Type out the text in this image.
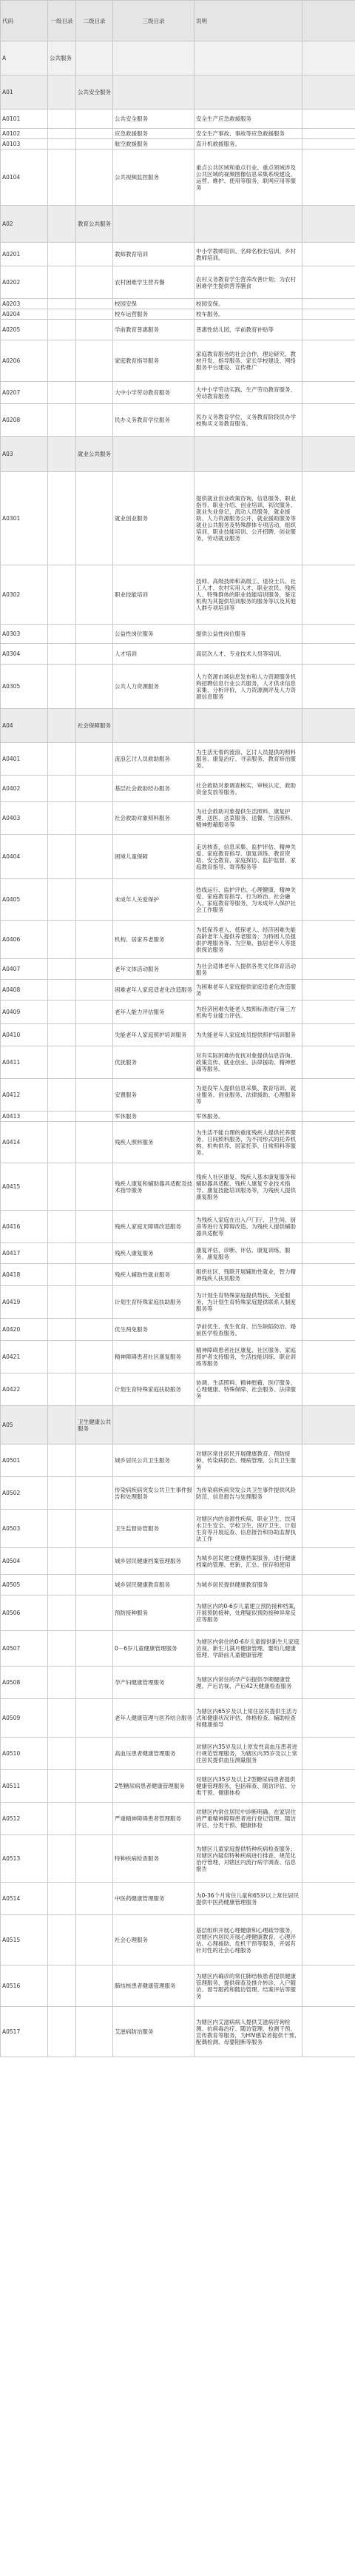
代码	一级目录	二级目录	三级目录	说明	
A	公共服务				
A01		公共安全服务			
A0101			公共安全服务	安全生产应急救援服务	
A0102			应急救援服务	安全生产事故、事故等应急救援服务	
A0103			航空救援服务	直升机救援服务。	
A0104			公共视频监控服务	重点公共区域和重点行业、重点领域涉及公共区域的视频图像信息采集系统建设、运营、维护、使用等服务，联网应用等服务	
A02		教育公共服务			
A0201			教师教育培训	中小学教师培训、名师名校长培训、乡村教师培训。	
A0202			农村困难学生营养餐	农村义务教育学生营养改善计划；为农村困难学生提供营养膳食	
A0203			校园安保	校园安保。	
A0204			校车运营服务	校车服务。	
A0205			学前教育普惠服务	普惠性幼儿园，学前教育补贴等	
A0206			家庭教育指导服务	家庭教育服务的社会合作，理论研究、教材开发、指导服务、家长学校建设、网络服务平台建设、宣传推广	
A0207			大中小学劳动教育服务	大中小学劳动实践、生产劳动教育服务、劳动教育服务	
A0208			民办义务教育学位服务	民办义务教育学位，义务教育阶段民办学校购买义务教育服务。	
A03		就业公共服务			
A0301			就业创业服务	提供就业创业政策咨询，信息服务、职业指导、职业介绍、创业培训，初次服务、就业失业登记，流动人员服务，就业援助、人力资源服务公开、就业援助服务等就业公共服务及特殊群体专项活动，组织培训、职业技能培训、公开招聘、创业服务，劳动就业服务	
A0302			职业技能培训	技师、高级技师和高级工、退役士兵、社工人才、农村实用人才、职业农民、残疾人、特殊群体的职业技能培训服务，鉴定机构为其提供培训服务的服务等以及其他人群专项培训等	
A0303			公益性岗位服务	提供公益性岗位服务	
A0304			人才培训	高层次人才、专业技术人员等培训。	
A0305			公共人力资源服务	人力资源市场信息发布和人力资源服务机构招聘信息行业公共服务，人才供求信息采集、分析评价，人力资源测评及人力资源信息服务	
A04		社会保障服务			
A0401			流浪乞讨人员救助服务	为生活无着的流浪、乞讨人员提供的照料服务、康复治疗、寻亲服务、教育矫治服务。	
A0402			基层社会救助经办服务	社会救助对象调查核实、审核认定、救助资金发放等服务。	
A0403			社会救助对象照料服务	为社会救助对象提供生活照料、康复护理、送医、送菜服务、送餐、生活照料、精神慰藉服务等	
A0404			困境儿童保障	走访核查，信息采集、监护评估、精神关爱、家庭教育指导、康复训练、教育资助、安全教育、家庭探访、监护监督、家庭教育指导、寄养服务等	
A0405			未成年人关爱保护	热线运行、监护评估、心理健康、精神关爱、家庭教育指导、行为矫治、社会融入、家庭教育等服务，为未成年人保护社会工作服务	
A0406			机构、居家养老服务	为低保养老人、低保老人、经济困难失能高龄老年人提供养老服务；为特困人员提供护理服务等、为空巢、独居老年人等提供探访服务	
A0407			老年文体活动服务	为社会适体老年人提供各类文化体育活动服务	
A0408			困难老年人家庭适老化改造服务	为困难老年人家庭提供家庭适老化改造服务	
A0409			老年人能力评估服务	为经济困难失能老人按照标准进行第三方机构专业能力评估。	
A0410			失能老年人家庭照护培训服务	为失能老年人家庭成员提供照护培训服务	
A0411			优抚服务	对有实际困难的优抚对象提供信息咨询、政策宣传、就业创业、法律援助、精神慰藉等服务。	
A0412			安置服务	为退役军人提供信息采集、教育培训、就业服务、创业服务、法律援助、心理服务等	
A0413			军休服务	军休服务。	
A0414			残疾人照料服务	为生活不能自理的重度残疾人提供托养服务、日间照料服务，为不同形式的托养机构、机构供养、居家托养、日常照料等服务。	
A0415			残疾人康复和辅助器具适配及技术指导服务	残疾人社区康复、残疾人基本康复服务和辅助器具适配、残疾人康复专业技术指导、康复技能培训服务等，为残疾人提供康复服务	
A0416			残疾人家庭无障碍改造服务	为残疾人家庭在出入户门厅、卫生间、厨房等进行无障碍改造、为残疾人提供辅助器具适配等	
A0417			残疾人康复服务	康复评估、诊断、评估、康复训练、服务、康复服务	
A0418			残疾人辅助性就业服务	组织社区、残联开展辅助性就业，智力精神残疾人扶贫服务	
A0419			计划生育特殊家庭扶助服务	为计划生育特殊家庭提供帮扶、关爱服务，为计划生育特殊家庭提供联系人制度服务等	
A0420			优生两免服务	孕前优生、优生优育、出生缺陷防治、婚前医学检查服务。	
A0421			精神障碍患者社区康复服务	精神障碍患者社区康复、社区服务、家庭照护者支持服务，生活技能训练、职业训练等服务	
A0422			计划生育特殊家庭扶助服务	协调、生活照料、精神慰藉、医疗服务、心理健康、特殊保障、社会服务、法律服务	
A05		卫生健康公共服务			
A0501			城乡居民公共卫生服务	对辖区常住居民开展健康教育、预防接种、传染病防治、慢病管理、公共卫生服务	
A0502			传染病疾病突发公共卫生事件报告和处理服务	为传染病疾病突发公共卫生事件提供风险防范、信息报告与处理服务	
A0503			卫生监督协管服务	对辖区内的食源性疾病、职业卫生、饮用水卫生安全、学校卫生、医疗卫生、计划生育等开展巡查、信息报告和协助监督执法工作	
A0504			城乡居民健康档案管理服务	为城乡居民建立健康档案服务，进行健康档案的管理、更新、汇总、保存和使用	
A0505			城乡居民健康教育服务	为城乡居民提供健康教育服务	
A0506			预防接种服务	为辖区内的0-6岁儿童建立预防接种档案，开展预防接种，处理疑似预防接种异常反应等服务	
A0507			0－6岁儿童健康管理服务	为辖区内常住的0-6岁儿童提供新生儿家庭访视、新生儿满月健康管理、婴幼儿健康管理、学龄前儿童健康管理	
A0508			孕产妇健康管理服务	为辖区内常住的孕产妇提供孕期健康管理、产后访视、产后42天健康检查服务	
A0509			老年人健康管理与医养结合服务	为辖区内65岁及以上常住居民提供生活方式和健康状况评估、体格检查、辅助检查和健康指导	
A0510			高血压患者健康管理服务	对辖区内35岁及以上原发性高血压患者进行规范管理服务，为辖区内35岁及以上常住居民提供血压测量服务	
A0511			2型糖尿病患者健康管理服务	对辖区内35岁及以上2型糖尿病患者提供健康管理服务，包括筛查、随访评估、分类干预、健康体检	
A0512			严重精神障碍患者管理服务	对辖区内常住居民中诊断明确、在家居住的严重精神障碍患者进行登记管理、随访评估、分类干预、健康体检	
A0513			特种疾病检查服务	为辖区儿童家庭提供特种疾病检查服务；对辖区内疑似特种疾病进行排查、规范化治疗管理，对辖区内流行病学调查、信息报告	
A0514			中医药健康管理服务	为0-36个月常住儿童和65岁以上常住居民提供中医药健康管理服务	
A0515			社会心理服务	基层组织开展心理健康和心理疏导服务，对辖区内居民开展心理健康教育、心理评估、心理援助、危机干预等服务，开展有针对性的社会心理服务	
A0516			肺结核患者健康管理服务	为辖区内确诊的常住肺结核患者提供健康管理服务，提供筛查及推介转诊、入户随访、督导服药和随访管理、结案评估等服务	
A0517			艾滋病防治服务	为辖区内艾滋病病人提供艾滋病咨询检测、抗病毒治疗、随访管理、检测干预、宣传教育等服务，为HIV感染者提供干预、配偶检测、母婴阻断等服务	
